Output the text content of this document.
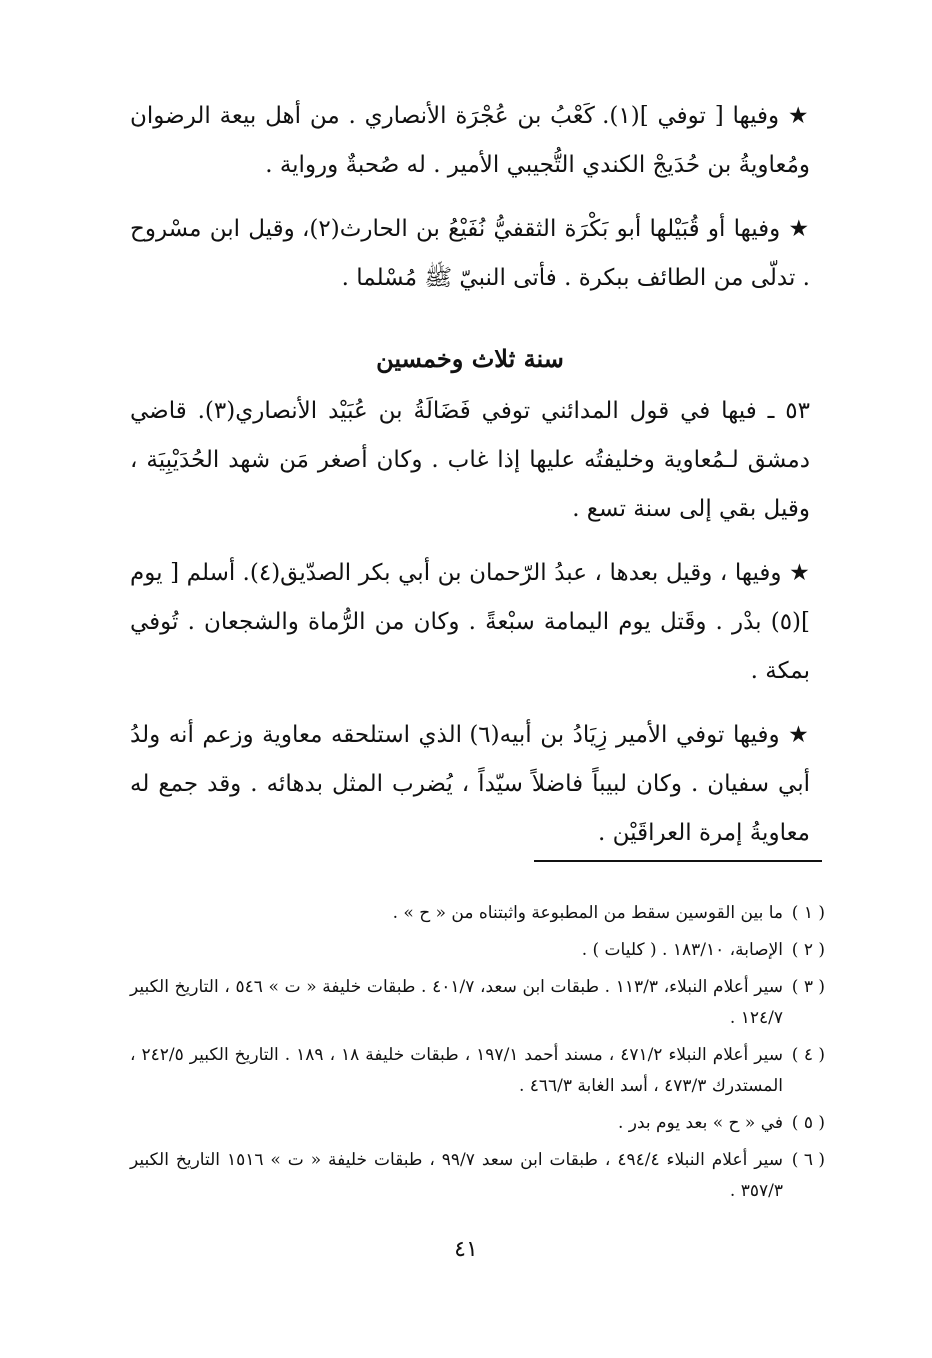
★ وفيها [ توفي ](١). كَعْبُ بن عُجْرَة الأنصاري . من أهل بيعة الرضوان ومُعاويةُ بن حُدَيجْ الكندي التُّجيبي الأمير . له صُحبةٌ ورواية .

★ وفيها أو قُبَيْلها أبو بَكْرَة الثقفيُّ نُفَيْعُ بن الحارث(٢)، وقيل ابن مسْروح . تدلّى من الطائف ببكرة . فأتى النبيّ ﷺ مُسْلما .

سنة ثلاث وخمسين

٥٣ ـ فيها في قول المدائني توفي فَضَالَةُ بن عُبَيْد الأنصاري(٣). قاضي دمشق لـمُعاوية وخليفتُه عليها إذا غاب . وكان أصغر مَن شهد الحُدَيْبِيَة ، وقيل بقي إلى سنة تسع .

★ وفيها ، وقيل بعدها ، عبدُ الرّحمان بن أبي بكر الصدّيق(٤). أسلم [ يوم ](٥) بدْر . وقَتل يوم اليمامة سبْعةً . وكان من الرُّماة والشجعان . تُوفي بمكة .

★ وفيها توفي الأمير زِيَادُ بن أبيه(٦) الذي استلحقه معاوية وزعم أنه ولدُ أبي سفيان . وكان لبيباً فاضلاً سيّداً ، يُضرب المثل بدهائه . وقد جمع له معاويةُ إمرة العراقَيْن .

( ١ )
ما بين القوسين سقط من المطبوعة واثبتناه من « ح » .
( ٢ )
الإصابة، ١٨٣/١٠ . ( كليات ) .
( ٣ )
سير أعلام النبلاء، ١١٣/٣ . طبقات ابن سعد، ٤٠١/٧ . طبقات خليفة « ت » ٥٤٦ ، التاريخ الكبير ١٢٤/٧ .
( ٤ )
سير أعلام النبلاء ٤٧١/٢ ، مسند أحمد ١٩٧/١ ، طبقات خليفة ١٨ ، ١٨٩ . التاريخ الكبير ٢٤٢/٥ ، المستدرك ٤٧٣/٣ ، أسد الغابة ٤٦٦/٣ .
( ٥ )
في « ح » بعد يوم بدر .
( ٦ )
سير أعلام النبلاء ٤٩٤/٤ ، طبقات ابن سعد ٩٩/٧ ، طبقات خليفة « ت » ١٥١٦ التاريخ الكبير ٣٥٧/٣ .
٤١
